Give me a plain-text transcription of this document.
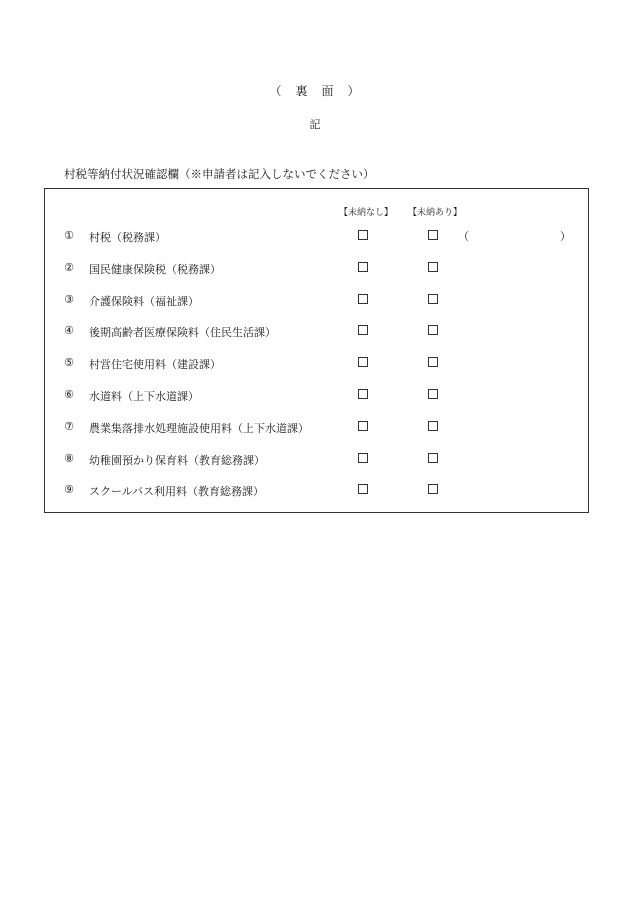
（　裏　面　）
記
村税等納付状況確認欄（※申請者は記入しないでください）
【未納なし】 【未納あり】
① 村税（税務課）	（	）
② 国民健康保険税（税務課）
③ 介護保険料（福祉課）
④ 後期高齢者医療保険料（住民生活課）
⑤ 村営住宅使用料（建設課）
⑥ 水道料（上下水道課）
⑦ 農業集落排水処理施設使用料（上下水道課）
⑧ 幼稚園預かり保育料（教育総務課）
⑨ スクールバス利用料（教育総務課）
